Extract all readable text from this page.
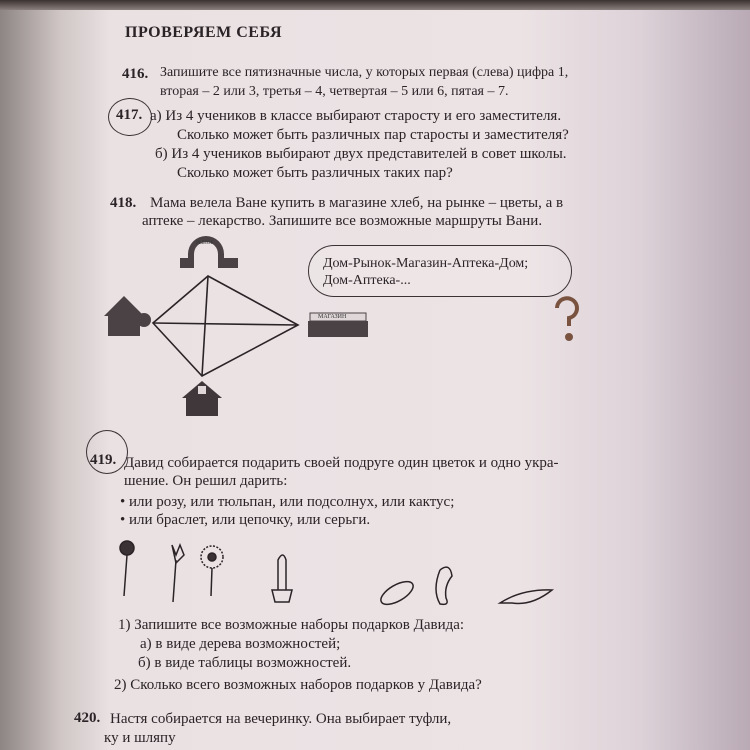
ПРОВЕРЯЕМ СЕБЯ
416. Запишите все пятизначные числа, у которых первая (слева) цифра 1,
вторая – 2 или 3, третья – 4, четвертая – 5 или 6, пятая – 7.
417. а) Из 4 учеников в классе выбирают старосту и его заместителя.
Сколько может быть различных пар старосты и заместителя?
б) Из 4 учеников выбирают двух представителей в совет школы.
Сколько может быть различных таких пар?
418. Мама велела Ване купить в магазине хлеб, на рынке – цветы, а в
аптеке – лекарство. Запишите все возможные маршруты Вани.
Дом-Рынок-Магазин-Аптека-Дом;
Дом-Аптека-...
МАГАЗИН
РЫНОК
419. Давид собирается подарить своей подруге один цветок и одно укра-
шение. Он решил дарить:
• или розу, или тюльпан, или подсолнух, или кактус;
• или браслет, или цепочку, или серьги.
1) Запишите все возможные наборы подарков Давида:
а) в виде дерева возможностей;
б) в виде таблицы возможностей.
2) Сколько всего возможных наборов подарков у Давида?
420. Настя собирается на вечеринку. Она выбирает туфли,
ку и шляпу
